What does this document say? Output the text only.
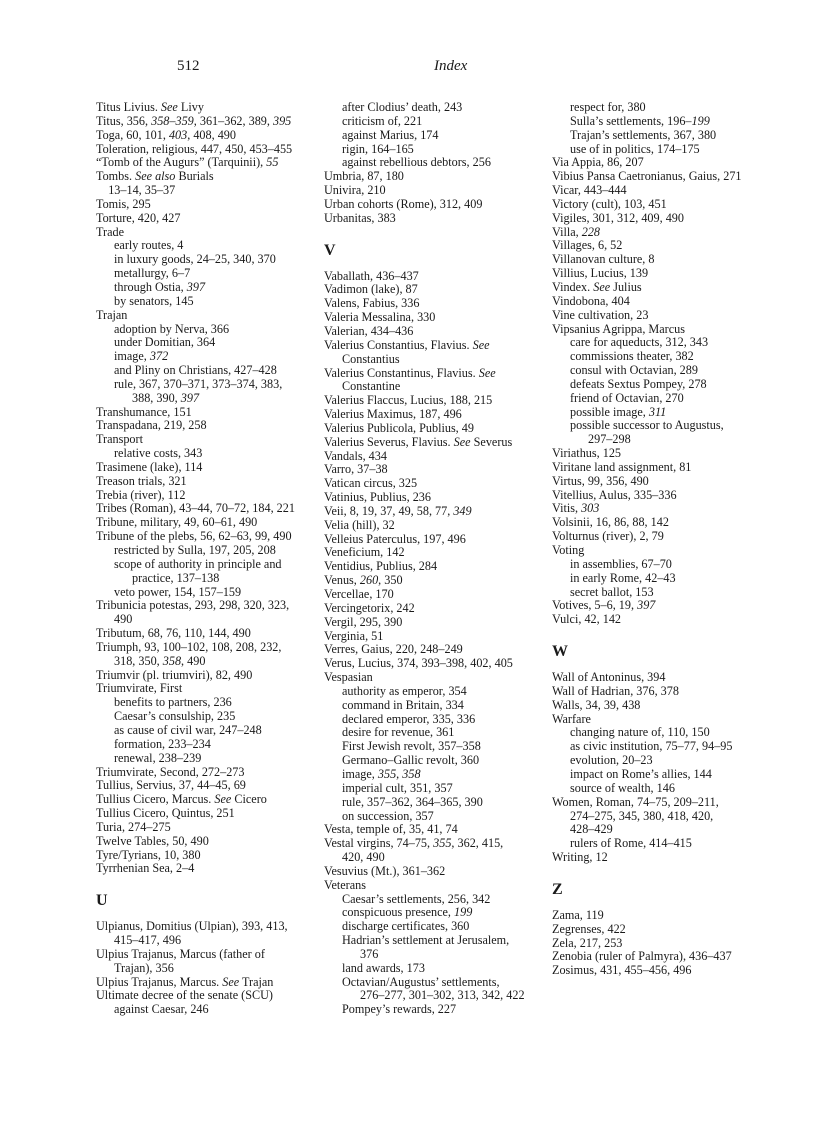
512	Index
Titus Livius. See Livy
Titus, 356, 358–359, 361–362, 389, 395
Toga, 60, 101, 403, 408, 490
Toleration, religious, 447, 450, 453–455
“Tomb of the Augurs” (Tarquinii), 55
Tombs. See also Burials
13–14, 35–37
Tomis, 295
Torture, 420, 427
Trade
early routes, 4
in luxury goods, 24–25, 340, 370
metallurgy, 6–7
through Ostia, 397
by senators, 145
Trajan
adoption by Nerva, 366
under Domitian, 364
image, 372
and Pliny on Christians, 427–428
rule, 367, 370–371, 373–374, 383,
388, 390, 397
Transhumance, 151
Transpadana, 219, 258
Transport
relative costs, 343
Trasimene (lake), 114
Treason trials, 321
Trebia (river), 112
Tribes (Roman), 43–44, 70–72, 184, 221
Tribune, military, 49, 60–61, 490
Tribune of the plebs, 56, 62–63, 99, 490
restricted by Sulla, 197, 205, 208
scope of authority in principle and
practice, 137–138
veto power, 154, 157–159
Tribunicia potestas, 293, 298, 320, 323,
490
Tributum, 68, 76, 110, 144, 490
Triumph, 93, 100–102, 108, 208, 232,
318, 350, 358, 490
Triumvir (pl. triumviri), 82, 490
Triumvirate, First
benefits to partners, 236
Caesar’s consulship, 235
as cause of civil war, 247–248
formation, 233–234
renewal, 238–239
Triumvirate, Second, 272–273
Tullius, Servius, 37, 44–45, 69
Tullius Cicero, Marcus. See Cicero
Tullius Cicero, Quintus, 251
Turia, 274–275
Twelve Tables, 50, 490
Tyre/Tyrians, 10, 380
Tyrrhenian Sea, 2–4
U
Ulpianus, Domitius (Ulpian), 393, 413,
415–417, 496
Ulpius Trajanus, Marcus (father of
Trajan), 356
Ulpius Trajanus, Marcus. See Trajan
Ultimate decree of the senate (SCU)
against Caesar, 246
after Clodius’ death, 243
criticism of, 221
against Marius, 174
rigin, 164–165
against rebellious debtors, 256
Umbria, 87, 180
Univira, 210
Urban cohorts (Rome), 312, 409
Urbanitas, 383
V
Vaballath, 436–437
Vadimon (lake), 87
Valens, Fabius, 336
Valeria Messalina, 330
Valerian, 434–436
Valerius Constantius, Flavius. See
Constantius
Valerius Constantinus, Flavius. See
Constantine
Valerius Flaccus, Lucius, 188, 215
Valerius Maximus, 187, 496
Valerius Publicola, Publius, 49
Valerius Severus, Flavius. See Severus
Vandals, 434
Varro, 37–38
Vatican circus, 325
Vatinius, Publius, 236
Veii, 8, 19, 37, 49, 58, 77, 349
Velia (hill), 32
Velleius Paterculus, 197, 496
Veneficium, 142
Ventidius, Publius, 284
Venus, 260, 350
Vercellae, 170
Vercingetorix, 242
Vergil, 295, 390
Verginia, 51
Verres, Gaius, 220, 248–249
Verus, Lucius, 374, 393–398, 402, 405
Vespasian
authority as emperor, 354
command in Britain, 334
declared emperor, 335, 336
desire for revenue, 361
First Jewish revolt, 357–358
Germano–Gallic revolt, 360
image, 355, 358
imperial cult, 351, 357
rule, 357–362, 364–365, 390
on succession, 357
Vesta, temple of, 35, 41, 74
Vestal virgins, 74–75, 355, 362, 415,
420, 490
Vesuvius (Mt.), 361–362
Veterans
Caesar’s settlements, 256, 342
conspicuous presence, 199
discharge certificates, 360
Hadrian’s settlement at Jerusalem,
376
land awards, 173
Octavian/Augustus’ settlements,
276–277, 301–302, 313, 342, 422
Pompey’s rewards, 227
respect for, 380
Sulla’s settlements, 196–199
Trajan’s settlements, 367, 380
use of in politics, 174–175
Via Appia, 86, 207
Vibius Pansa Caetronianus, Gaius, 271
Vicar, 443–444
Victory (cult), 103, 451
Vigiles, 301, 312, 409, 490
Villa, 228
Villages, 6, 52
Villanovan culture, 8
Villius, Lucius, 139
Vindex. See Julius
Vindobona, 404
Vine cultivation, 23
Vipsanius Agrippa, Marcus
care for aqueducts, 312, 343
commissions theater, 382
consul with Octavian, 289
defeats Sextus Pompey, 278
friend of Octavian, 270
possible image, 311
possible successor to Augustus,
297–298
Viriathus, 125
Viritane land assignment, 81
Virtus, 99, 356, 490
Vitellius, Aulus, 335–336
Vitis, 303
Volsinii, 16, 86, 88, 142
Volturnus (river), 2, 79
Voting
in assemblies, 67–70
in early Rome, 42–43
secret ballot, 153
Votives, 5–6, 19, 397
Vulci, 42, 142
W
Wall of Antoninus, 394
Wall of Hadrian, 376, 378
Walls, 34, 39, 438
Warfare
changing nature of, 110, 150
as civic institution, 75–77, 94–95
evolution, 20–23
impact on Rome’s allies, 144
source of wealth, 146
Women, Roman, 74–75, 209–211,
274–275, 345, 380, 418, 420,
428–429
rulers of Rome, 414–415
Writing, 12
Z
Zama, 119
Zegrenses, 422
Zela, 217, 253
Zenobia (ruler of Palmyra), 436–437
Zosimus, 431, 455–456, 496
